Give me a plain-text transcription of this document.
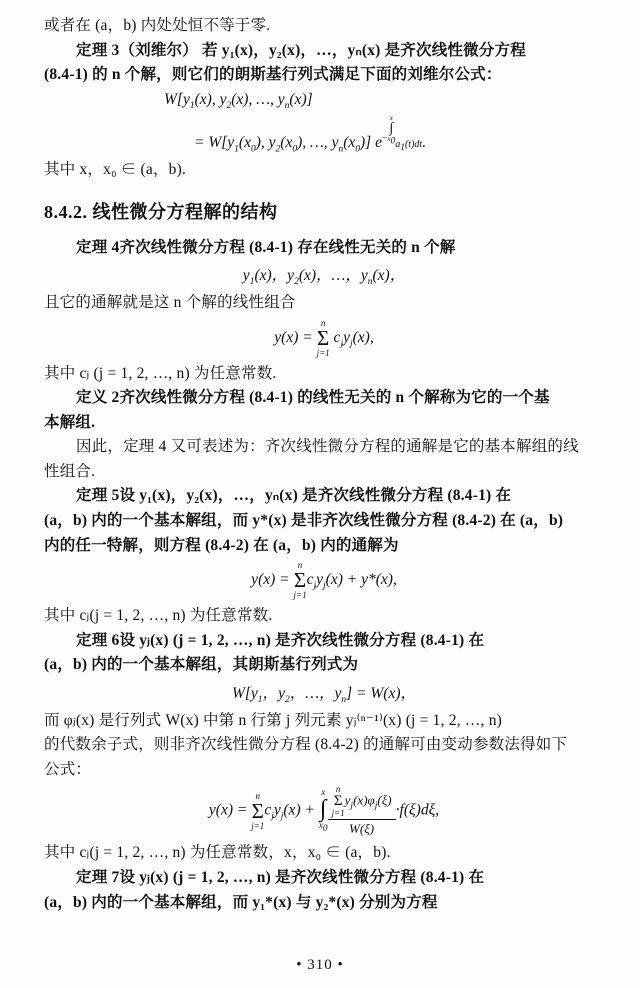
或者在 (a，b) 内处处恒不等于零.

定理 3（刘维尔） 若 y₁(x)，y₂(x)，…，yₙ(x) 是齐次线性微分方程

(8.4-1) 的 n 个解，则它们的朗斯基行列式满足下面的刘维尔公式：

$W[y_1(x)$, $y_2(x)$, …, $y_n(x)$]
= $W[y_1(x_0)$, $y_2(x_0)$, …, $y_n(x_0)$] e−
x
∫
$x_0$ $a_1(t)dt$.

其中 x，x₀ ∈ (a，b).

8.4.2. 线性微分方程解的结构

定理 4齐次线性微分方程 (8.4-1) 存在线性无关的 n 个解

$y_1(x)$，$y_2(x)$，…，$y_n(x)$，

且它的通解就是这 n 个解的线性组合

y(x) =
n
Σ
j=1
$c_jy_j(x)$,

其中 cⱼ (j = 1, 2, …, n) 为任意常数.

定义 2齐次线性微分方程 (8.4-1) 的线性无关的 n 个解称为它的一个基

本解组.

因此，定理 4 又可表述为：齐次线性微分方程的通解是它的基本解组的线

性组合.

定理 5设 y₁(x)，y₂(x)，…，yₙ(x) 是齐次线性微分方程 (8.4-1) 在

(a，b) 内的一个基本解组，而 y*(x) 是非齐次线性微分方程 (8.4-2) 在 (a，b)

内的任一特解，则方程 (8.4-2) 在 (a，b) 内的通解为

y(x) =
n
Σ
j=1
$c_jy_j(x) + y*(x)$,

其中 cⱼ(j = 1, 2, …, n) 为任意常数.

定理 6设 yⱼ(x) (j = 1, 2, …, n) 是齐次线性微分方程 (8.4-1) 在

(a，b) 内的一个基本解组，其朗斯基行列式为

$W[y_1$，$y_2$，…，$y_n] = W(x)$，

而 φⱼ(x) 是行列式 W(x) 中第 n 行第 j 列元素 yⱼ⁽ⁿ⁻¹⁾(x) (j = 1, 2, …, n)

的代数余子式，则非齐次线性微分方程 (8.4-2) 的通解可由变动参数法得如下

公式：

y(x) =
n
Σ
j=1
$c_jy_j(x)$ +
x
∫
$x_0$ n
Σ
j=1
$y_j(x)\varphi_j(\xi)$
W(ξ) ·f(ξ)dξ,

其中 cⱼ(j = 1, 2, …, n) 为任意常数，x，x₀ ∈ (a，b).

定理 7设 yⱼ(x) (j = 1, 2, …, n) 是齐次线性微分方程 (8.4-1) 在

(a，b) 内的一个基本解组，而 y₁*(x) 与 y₂*(x) 分别为方程

• 310 •
